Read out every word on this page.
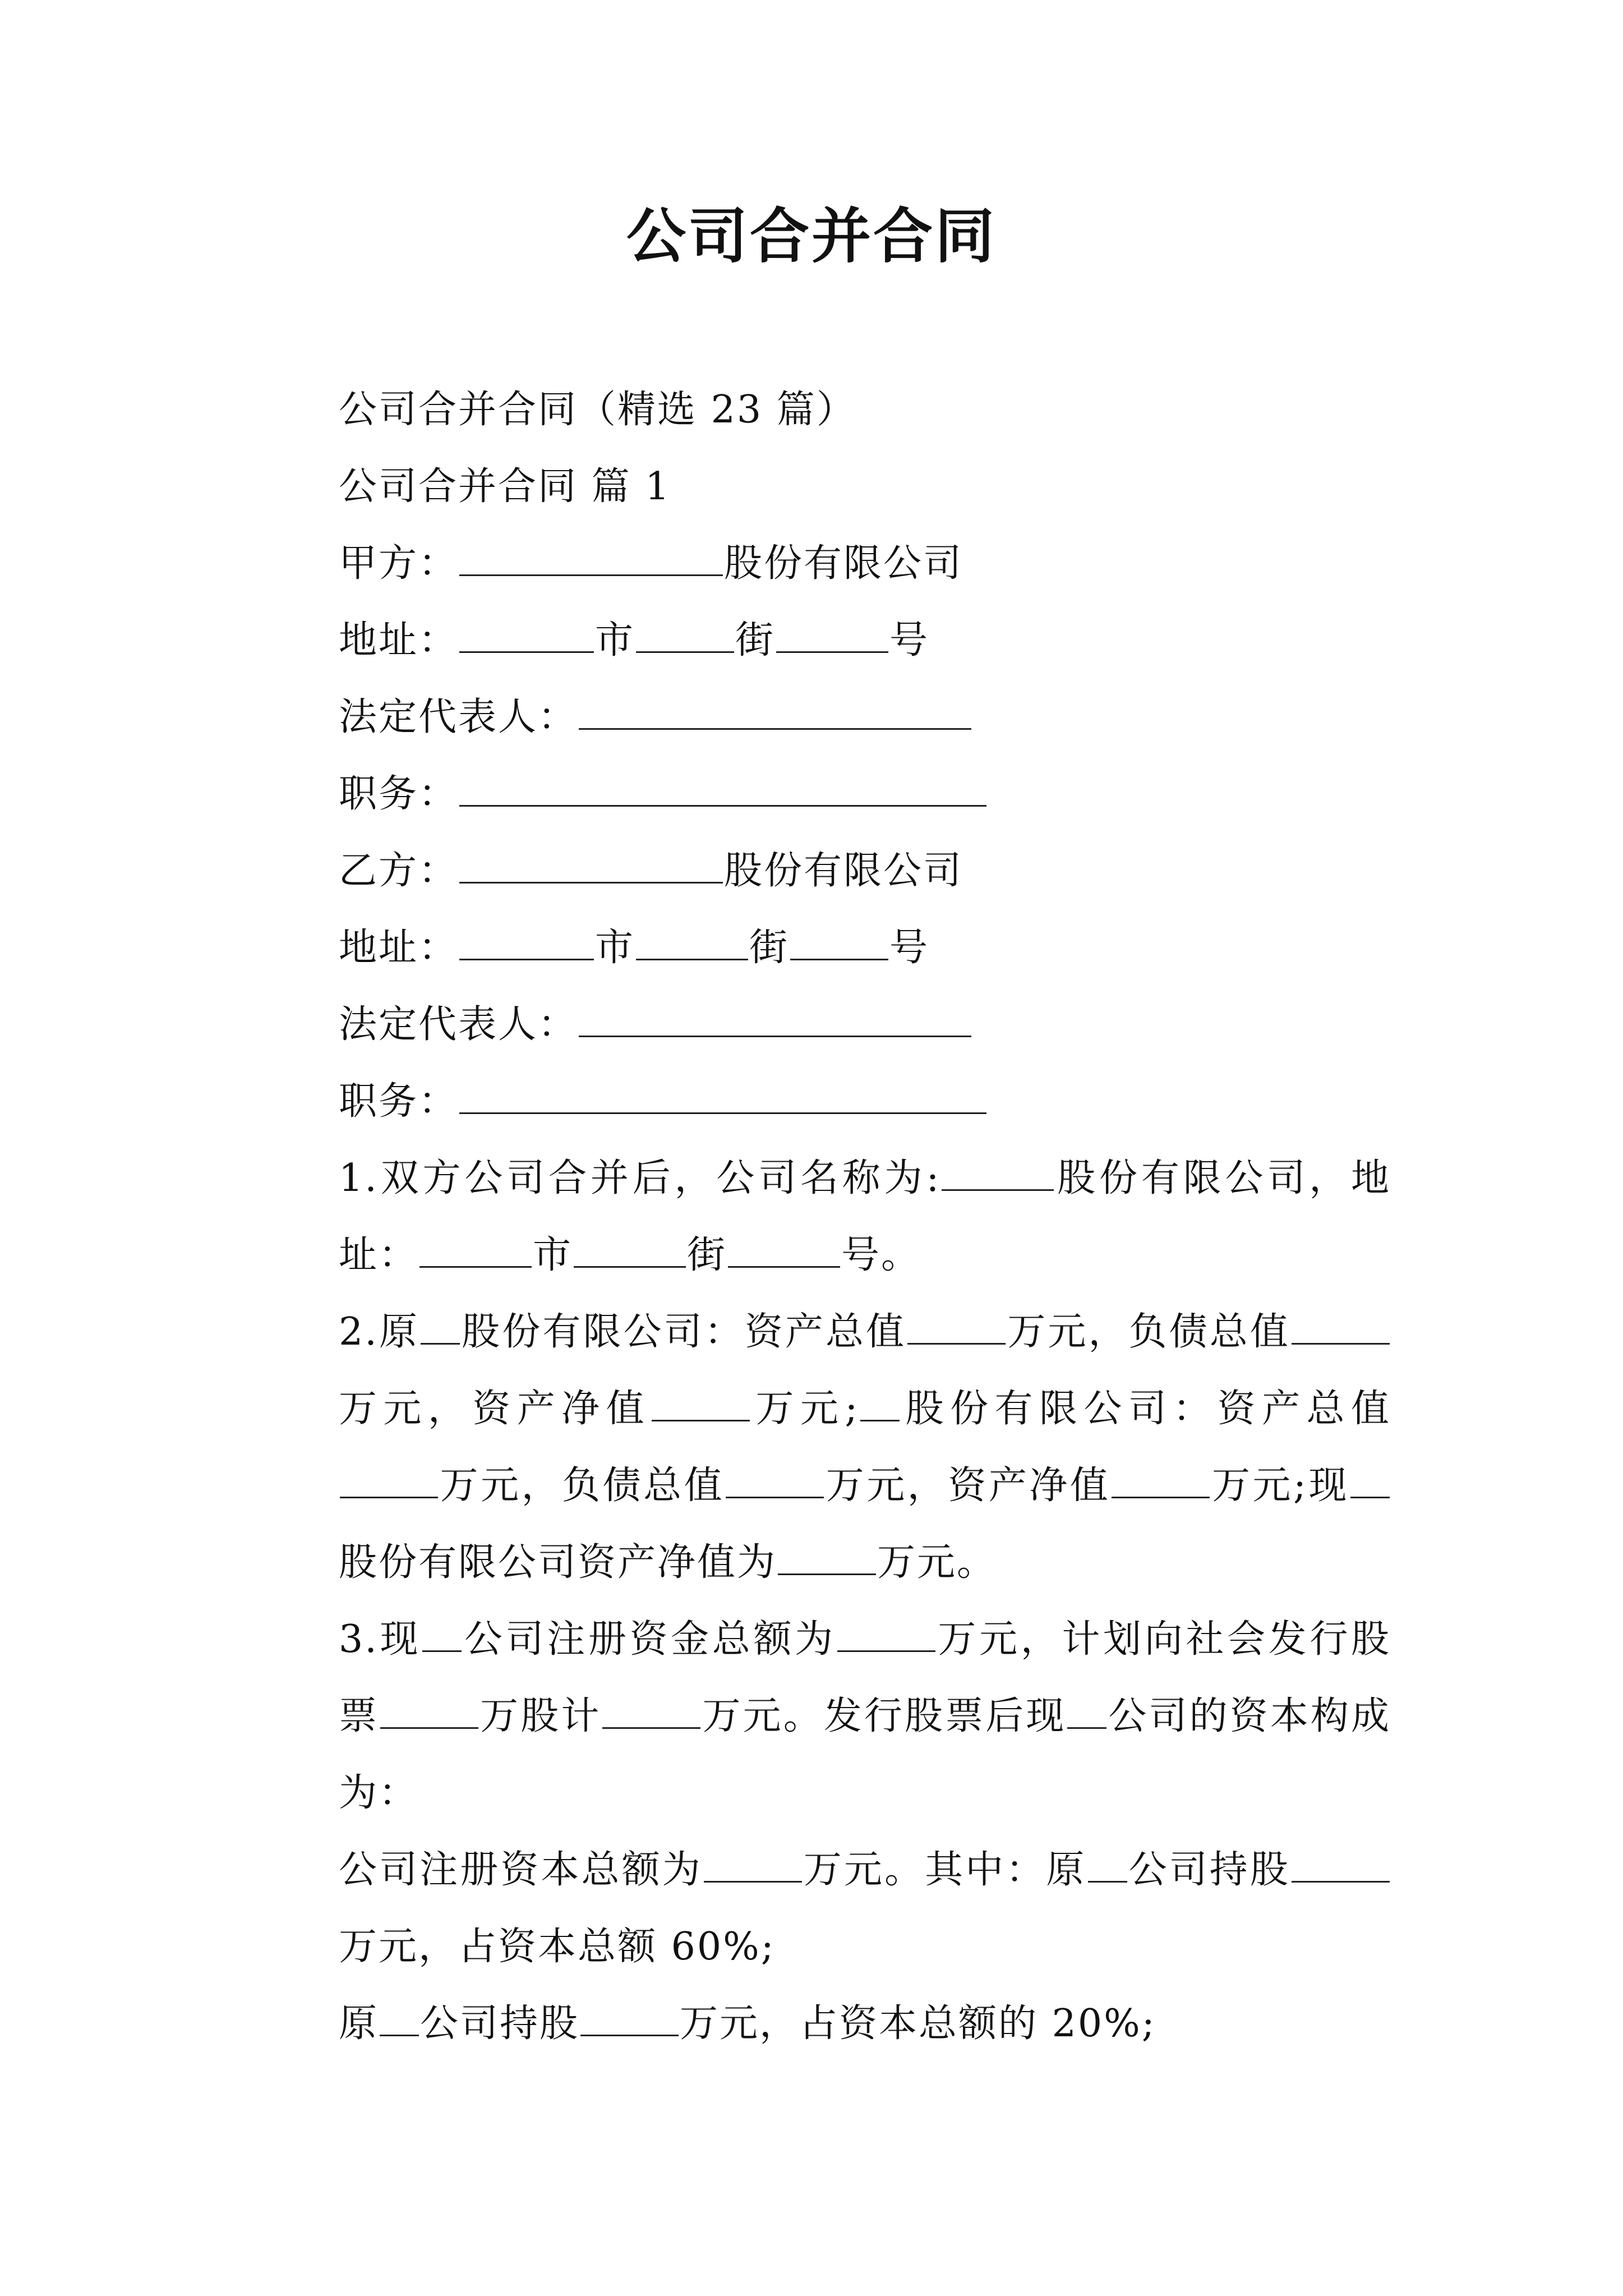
公司合并合同

公司合并合同（精选 23 篇）

公司合并合同 篇 1

甲方：	股份有限公司

地址：	市	街	号

法定代表人：

职务：

乙方：	股份有限公司

地址：	市	街	号

法定代表人：

职务：

1.双方公司合并后，公司名称为:	股份有限公司，地址：	市	街	号。

2.原 股份有限公司：资产总值	万元，负债总值万元，资产净值	万元; 股份有限公司：资产总值万元，负债总值	万元，资产净值	万元;现股份有限公司资产净值为	万元。

3.现 公司注册资金总额为	万元，计划向社会发行股票	万股计	万元。发行股票后现 公司的资本构成为：

公司注册资本总额为	万元。其中：原 公司持股万元，占资本总额 60%;

原 公司持股	万元，占资本总额的 20%;
